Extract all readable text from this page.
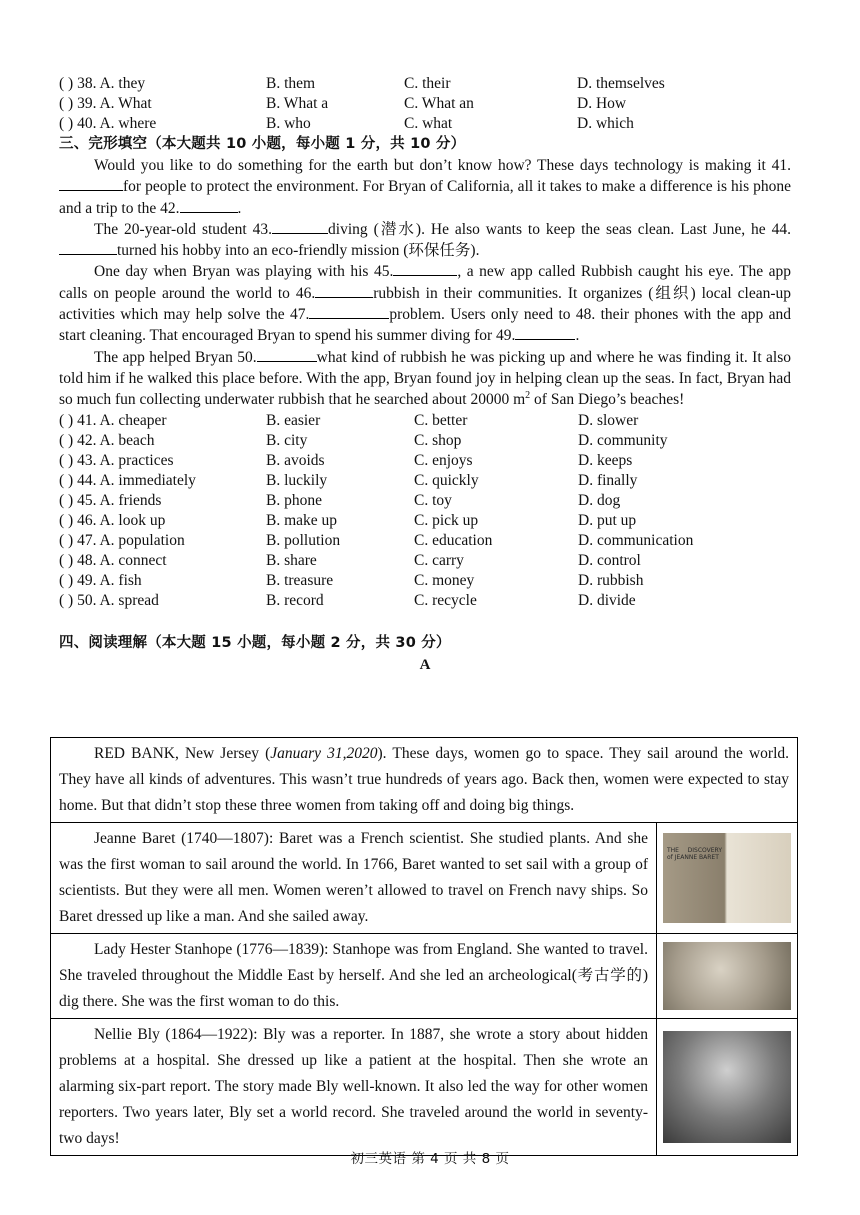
( ) 38. A. they	B. them	C. their	D. themselves
( ) 39. A. What	B. What a	C. What an	D. How
( ) 40. A. where	B. who	C. what	D. which
三、完形填空（本大题共 10 小题，每小题 1 分，共 10 分）

Would you like to do something for the earth but don’t know how? These days technology is making it 41.for people to protect the environment. For Bryan of California, all it takes to make a difference is his phone and a trip to the 42.	.

The 20-year-old student 43.	diving (潜水). He also wants to keep the seas clean. Last June, he 44.turned his hobby into an eco-friendly mission (环保任务).

One day when Bryan was playing with his 45.	, a new app called Rubbish caught his eye. The app calls on people around the world to 46.	rubbish in their communities. It organizes (组织) local clean-up activities which may help solve the 47.	problem. Users only need to 48. their phones with the app and start cleaning. That encouraged Bryan to spend his summer diving for 49.	.

The app helped Bryan 50.	what kind of rubbish he was picking up and where he was finding it. It also told him if he walked this place before. With the app, Bryan found joy in helping clean up the seas. In fact, Bryan had so much fun collecting underwater rubbish that he searched about 20000 $m^2$ of San Diego’s beaches!

( ) 41. A. cheaper	B. easier	C. better	D. slower
( ) 42. A. beach	B. city	C. shop	D. community
( ) 43. A. practices	B. avoids	C. enjoys	D. keeps
( ) 44. A. immediately	B. luckily	C. quickly	D. finally
( ) 45. A. friends	B. phone	C. toy	D. dog
( ) 46. A. look up	B. make up	C. pick up	D. put up
( ) 47. A. population	B. pollution	C. education	D. communication
( ) 48. A. connect	B. share	C. carry	D. control
( ) 49. A. fish	B. treasure	C. money	D. rubbish
( ) 50. A. spread	B. record	C. recycle	D. divide
四、阅读理解（本大题 15 小题，每小题 2 分，共 30 分）
A
RED BANK, New Jersey (January 31,2020). These days, women go to space. They sail around the world. They have all kinds of adventures. This wasn’t true hundreds of years ago. Back then, women were expected to stay home. But that didn’t stop these three women from taking off and doing big things.	
Jeanne Baret (1740—1807): Baret was a French scientist. She studied plants. And she was the first woman to sail around the world. In 1766, Baret wanted to set sail with a group of scientists. But they were all men. Women weren’t allowed to travel on French navy ships. So Baret dressed up like a man. And she sailed away.	THE DISCOVERY of JEANNE BARET

Lady Hester Stanhope (1776—1839): Stanhope was from England. She wanted to travel. She traveled throughout the Middle East by herself. And she led an archeological(考古学的) dig there. She was the first woman to do this.	

Nellie Bly (1864—1922): Bly was a reporter. In 1887, she wrote a story about hidden problems at a hospital. She dressed up like a patient at the hospital. Then she wrote an alarming six-part report. The story made Bly well-known. It also led the way for other women reporters. Two years later, Bly set a world record. She traveled around the world in seventy-two days!	
初三英语 第 4 页 共 8 页
